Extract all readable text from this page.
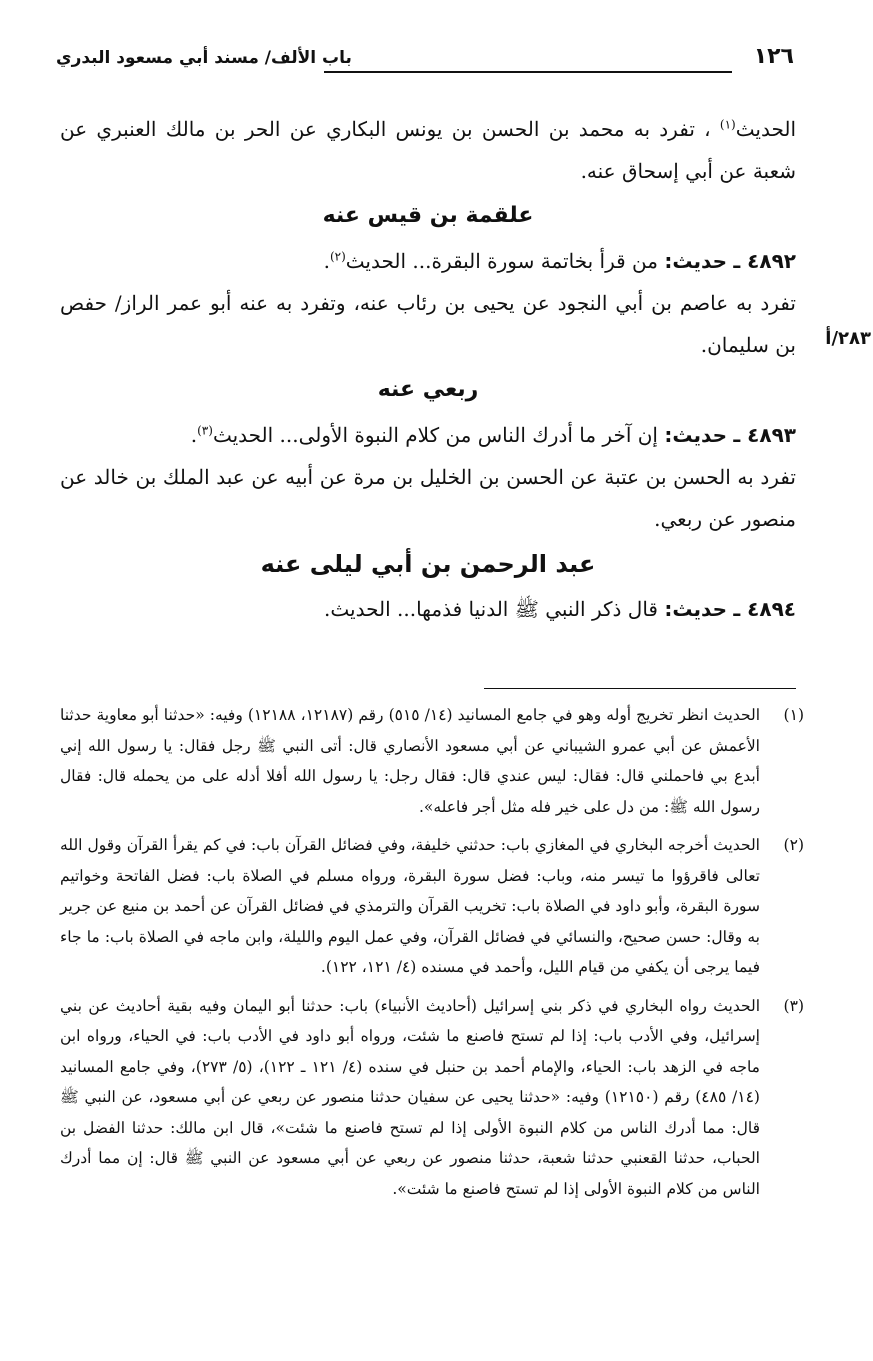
١٢٦
باب الألف/ مسند أبي مسعود البدري
٢٨٣/أ

الحديث$^{(١)}$ ، تفرد به محمد بن الحسن بن يونس البكاري عن الحر بن مالك العنبري عن شعبة عن أبي إسحاق عنه.

علقمة بن قيس عنه

٤٨٩٢ ـ حديث: من قرأ بخاتمة سورة البقرة... الحديث$^{(٢)}$.

تفرد به عاصم بن أبي النجود عن يحيى بن رئاب عنه، وتفرد به عنه أبو عمر الراز/ حفص بن سليمان.

ربعي عنه

٤٨٩٣ ـ حديث: إن آخر ما أدرك الناس من كلام النبوة الأولى... الحديث$^{(٣)}$.

تفرد به الحسن بن عتبة عن الحسن بن الخليل بن مرة عن أبيه عن عبد الملك بن خالد عن منصور عن ربعي.

عبد الرحمن بن أبي ليلى عنه

٤٨٩٤ ـ حديث: قال ذكر النبي ﷺ الدنيا فذمها... الحديث.

(١)
الحديث انظر تخريج أوله وهو في جامع المسانيد (١٤/ ٥١٥) رقم (١٢١٨٧، ١٢١٨٨) وفيه: «حدثنا أبو معاوية حدثنا الأعمش عن أبي عمرو الشيباني عن أبي مسعود الأنصاري قال: أتى النبي ﷺ رجل فقال: يا رسول الله إني أبدع بي فاحملني قال: فقال: ليس عندي قال: فقال رجل: يا رسول الله أفلا أدله على من يحمله قال: فقال رسول الله ﷺ: من دل على خير فله مثل أجر فاعله».
(٢)
الحديث أخرجه البخاري في المغازي باب: حدثني خليفة، وفي فضائل القرآن باب: في كم يقرأ القرآن وقول الله تعالى فاقرؤوا ما تيسر منه، وباب: فضل سورة البقرة، ورواه مسلم في الصلاة باب: فضل الفاتحة وخواتيم سورة البقرة، وأبو داود في الصلاة باب: تخريب القرآن والترمذي في فضائل القرآن عن أحمد بن منيع عن جرير به وقال: حسن صحيح، والنسائي في فضائل القرآن، وفي عمل اليوم والليلة، وابن ماجه في الصلاة باب: ما جاء فيما يرجى أن يكفي من قيام الليل، وأحمد في مسنده (٤/ ١٢١، ١٢٢).
(٣)
الحديث رواه البخاري في ذكر بني إسرائيل (أحاديث الأنبياء) باب: حدثنا أبو اليمان وفيه بقية أحاديث عن بني إسرائيل، وفي الأدب باب: إذا لم تستح فاصنع ما شئت، ورواه أبو داود في الأدب باب: في الحياء، ورواه ابن ماجه في الزهد باب: الحياء، والإمام أحمد بن حنبل في سنده (٤/ ١٢١ ـ ١٢٢)، (٥/ ٢٧٣)، وفي جامع المسانيد (١٤/ ٤٨٥) رقم (١٢١٥٠) وفيه: «حدثنا يحيى عن سفيان حدثنا منصور عن ربعي عن أبي مسعود، عن النبي ﷺ قال: مما أدرك الناس من كلام النبوة الأولى إذا لم تستح فاصنع ما شئت»، قال ابن مالك: حدثنا الفضل بن الحباب، حدثنا القعنبي حدثنا شعبة، حدثنا منصور عن ربعي عن أبي مسعود عن النبي ﷺ قال: إن مما أدرك الناس من كلام النبوة الأولى إذا لم تستح فاصنع ما شئت».
